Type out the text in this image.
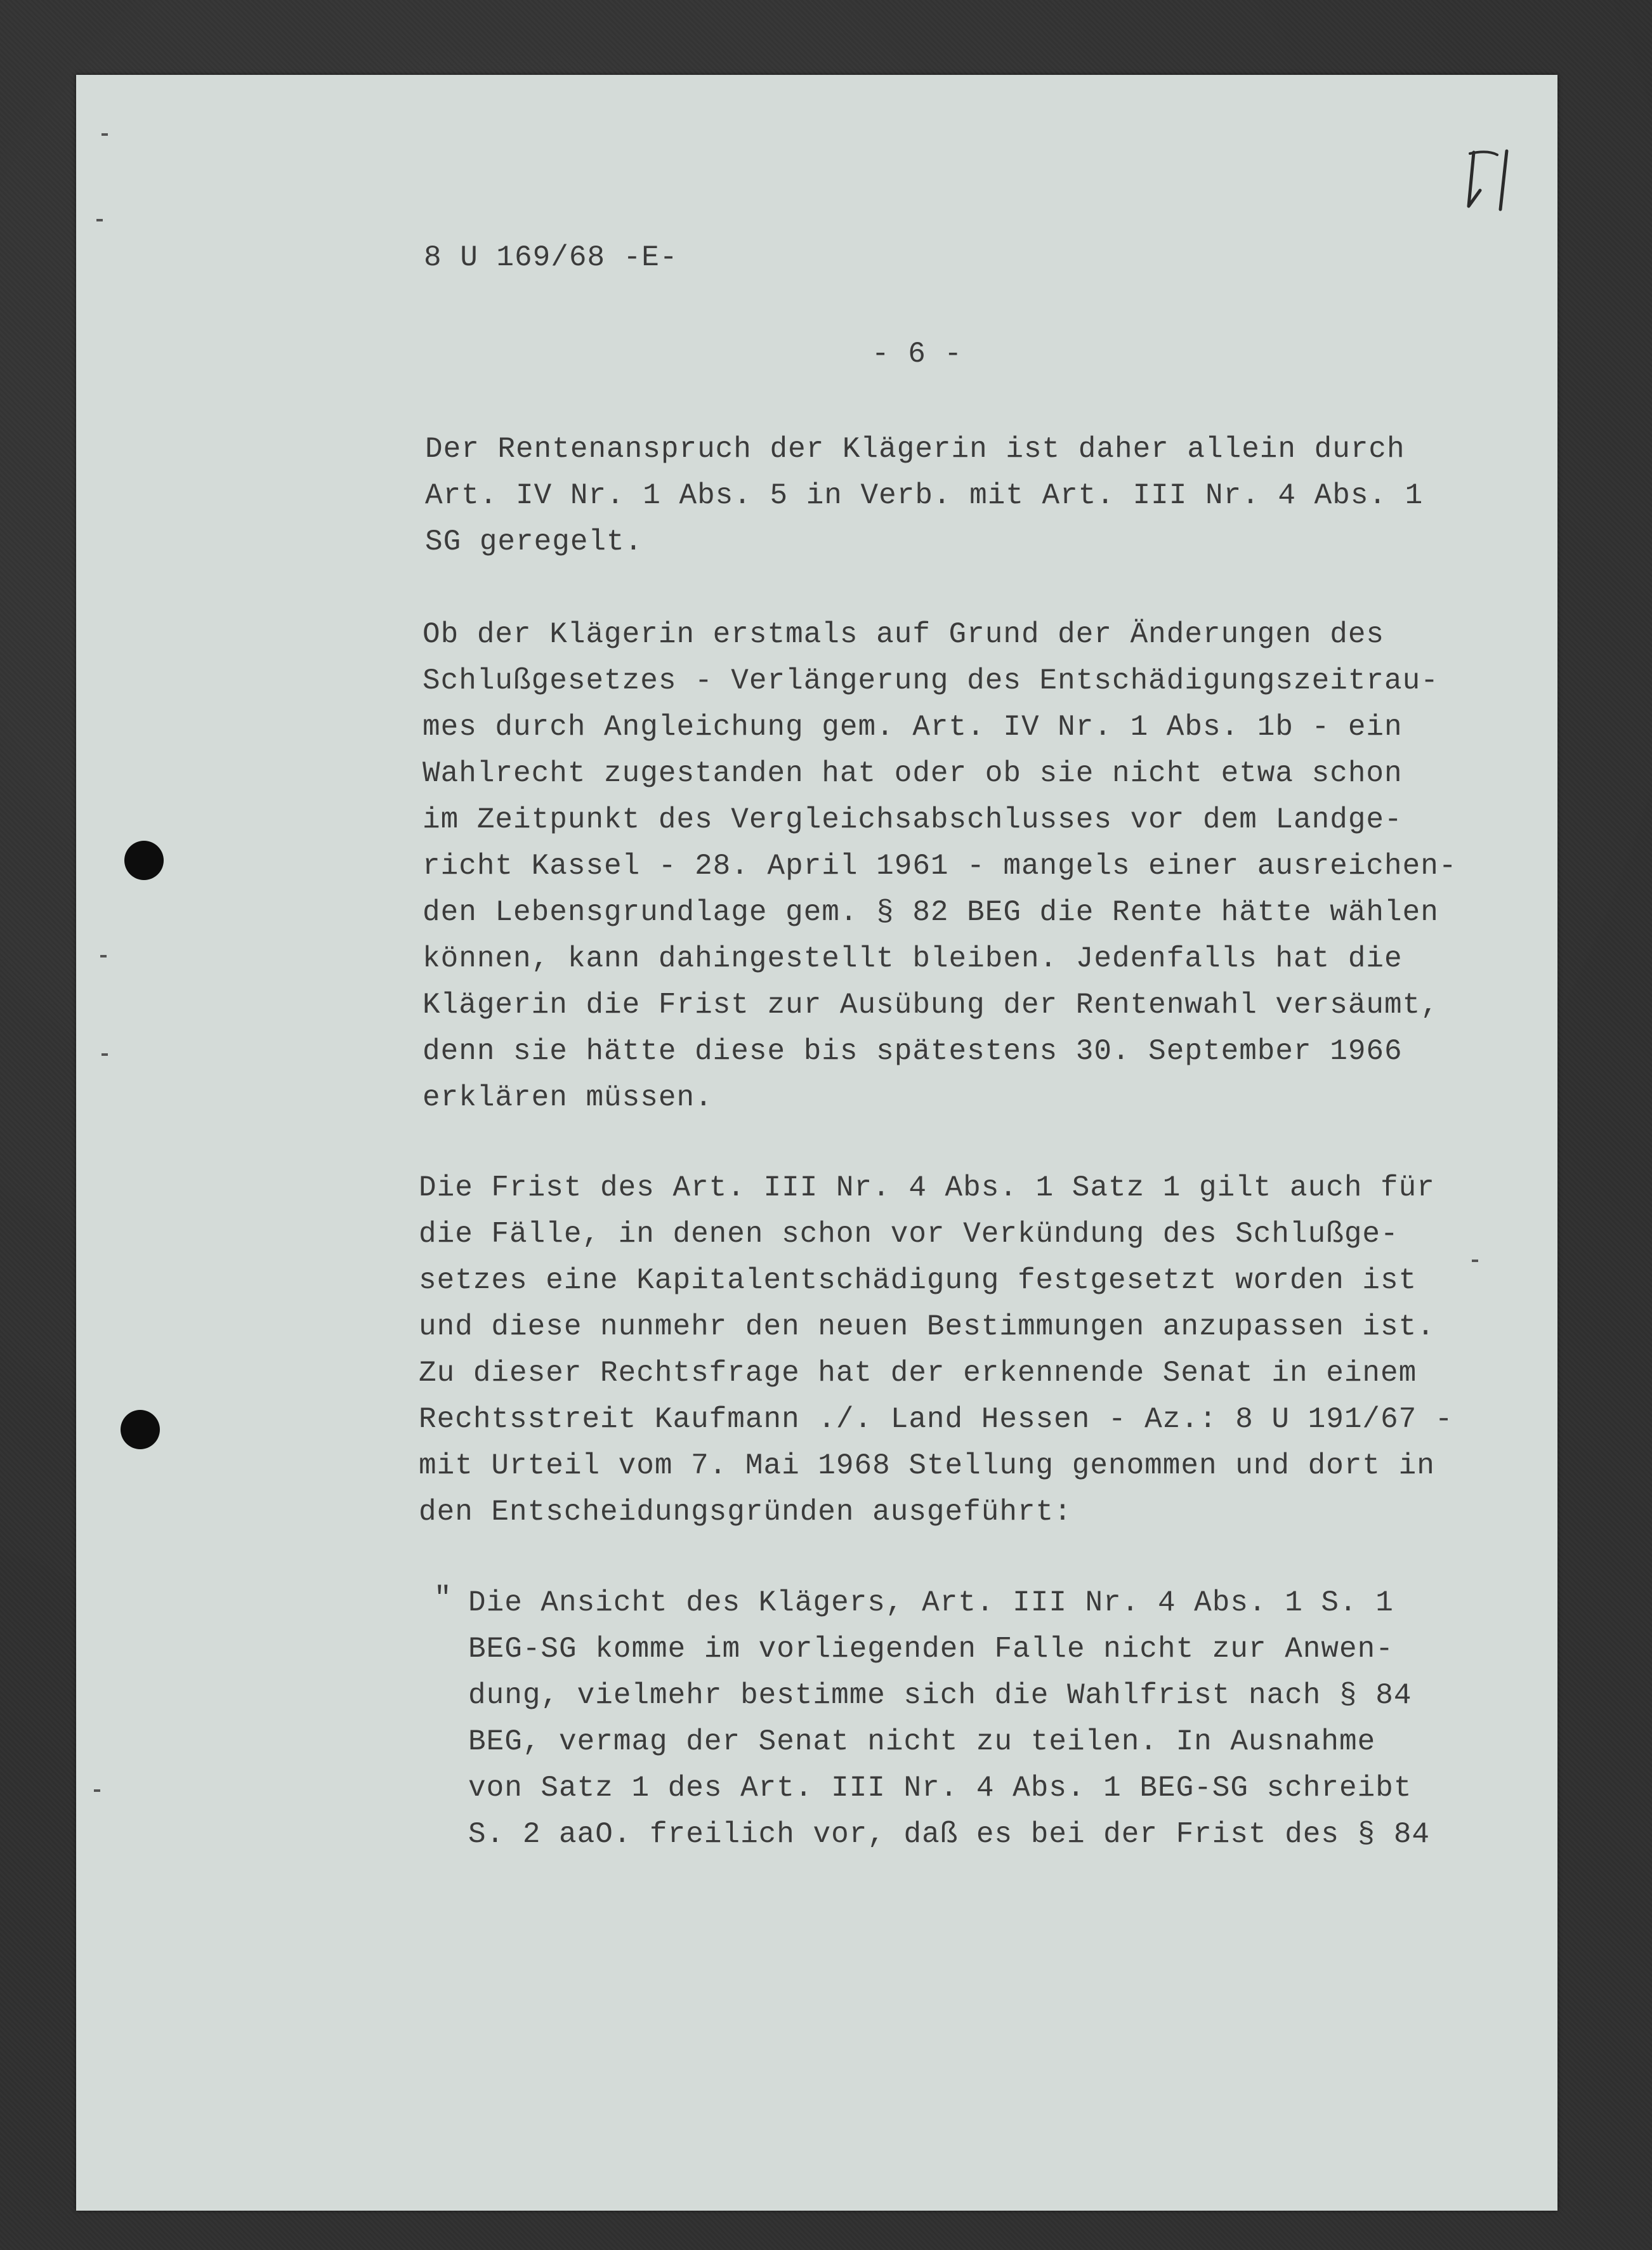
8 U 169/68 -E-
- 6 -
Der Rentenanspruch der Klägerin ist daher allein durch
Art. IV Nr. 1 Abs. 5 in Verb. mit Art. III Nr. 4 Abs. 1
SG geregelt.
Ob der Klägerin erstmals auf Grund der Änderungen des
Schlußgesetzes - Verlängerung des Entschädigungszeitrau-
mes durch Angleichung gem. Art. IV Nr. 1 Abs. 1b - ein
Wahlrecht zugestanden hat oder ob sie nicht etwa schon
im Zeitpunkt des Vergleichsabschlusses vor dem Landge-
richt Kassel - 28. April 1961 - mangels einer ausreichen-
den Lebensgrundlage gem. § 82 BEG die Rente hätte wählen
können, kann dahingestellt bleiben. Jedenfalls hat die
Klägerin die Frist zur Ausübung der Rentenwahl versäumt,
denn sie hätte diese bis spätestens 30. September 1966
erklären müssen.
Die Frist des Art. III Nr. 4 Abs. 1 Satz 1 gilt auch für
die Fälle, in denen schon vor Verkündung des Schlußge-
setzes eine Kapitalentschädigung festgesetzt worden ist
und diese nunmehr den neuen Bestimmungen anzupassen ist.
Zu dieser Rechtsfrage hat der erkennende Senat in einem
Rechtsstreit Kaufmann ./. Land Hessen - Az.: 8 U 191/67 -
mit Urteil vom 7. Mai 1968 Stellung genommen und dort in
den Entscheidungsgründen ausgeführt:
" Die Ansicht des Klägers, Art. III Nr. 4 Abs. 1 S. 1
BEG-SG komme im vorliegenden Falle nicht zur Anwen-
dung, vielmehr bestimme sich die Wahlfrist nach § 84
BEG, vermag der Senat nicht zu teilen. In Ausnahme
von Satz 1 des Art. III Nr. 4 Abs. 1 BEG-SG schreibt
S. 2 aaO. freilich vor, daß es bei der Frist des § 84
